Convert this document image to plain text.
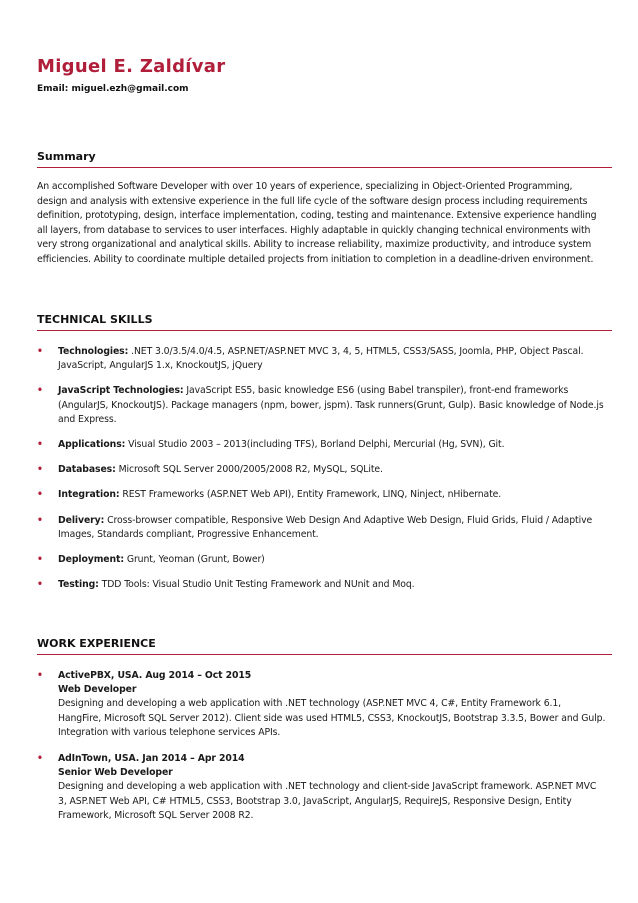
Miguel E. Zaldívar
Email: miguel.ezh@gmail.com
Summary

An accomplished Software Developer with over 10 years of experience, specializing in Object-Oriented Programming, design and analysis with extensive experience in the full life cycle of the software design process including requirements definition, prototyping, design, interface implementation, coding, testing and maintenance. Extensive experience handling all layers, from database to services to user interfaces. Highly adaptable in quickly changing technical environments with very strong organizational and analytical skills. Ability to increase reliability, maximize productivity, and introduce system efficiencies. Ability to coordinate multiple detailed projects from initiation to completion in a deadline-driven environment.

TECHNICAL SKILLS
• Technologies: .NET 3.0/3.5/4.0/4.5, ASP.NET/ASP.NET MVC 3, 4, 5, HTML5, CSS3/SASS, Joomla, PHP, Object Pascal. JavaScript, AngularJS 1.x, KnockoutJS, jQuery
• JavaScript Technologies: JavaScript ES5, basic knowledge ES6 (using Babel transpiler), front-end frameworks (AngularJS, KnockoutJS). Package managers (npm, bower, jspm). Task runners(Grunt, Gulp). Basic knowledge of Node.js and Express.
• Applications: Visual Studio 2003 – 2013(including TFS), Borland Delphi, Mercurial (Hg, SVN), Git.
• Databases: Microsoft SQL Server 2000/2005/2008 R2, MySQL, SQLite.
• Integration: REST Frameworks (ASP.NET Web API), Entity Framework, LINQ, Ninject, nHibernate.
• Delivery: Cross-browser compatible, Responsive Web Design And Adaptive Web Design, Fluid Grids, Fluid / Adaptive Images, Standards compliant, Progressive Enhancement.
• Deployment: Grunt, Yeoman (Grunt, Bower)
• Testing: TDD Tools: Visual Studio Unit Testing Framework and NUnit and Moq.
WORK EXPERIENCE
• ActivePBX, USA. Aug 2014 – Oct 2015
Web Developer
Designing and developing a web application with .NET technology (ASP.NET MVC 4, C#, Entity Framework 6.1, HangFire, Microsoft SQL Server 2012). Client side was used HTML5, CSS3, KnockoutJS, Bootstrap 3.3.5, Bower and Gulp. Integration with various telephone services APIs.
• AdInTown, USA. Jan 2014 – Apr 2014
Senior Web Developer
Designing and developing a web application with .NET technology and client-side JavaScript framework. ASP.NET MVC 3, ASP.NET Web API, C# HTML5, CSS3, Bootstrap 3.0, JavaScript, AngularJS, RequireJS, Responsive Design, Entity Framework, Microsoft SQL Server 2008 R2.
